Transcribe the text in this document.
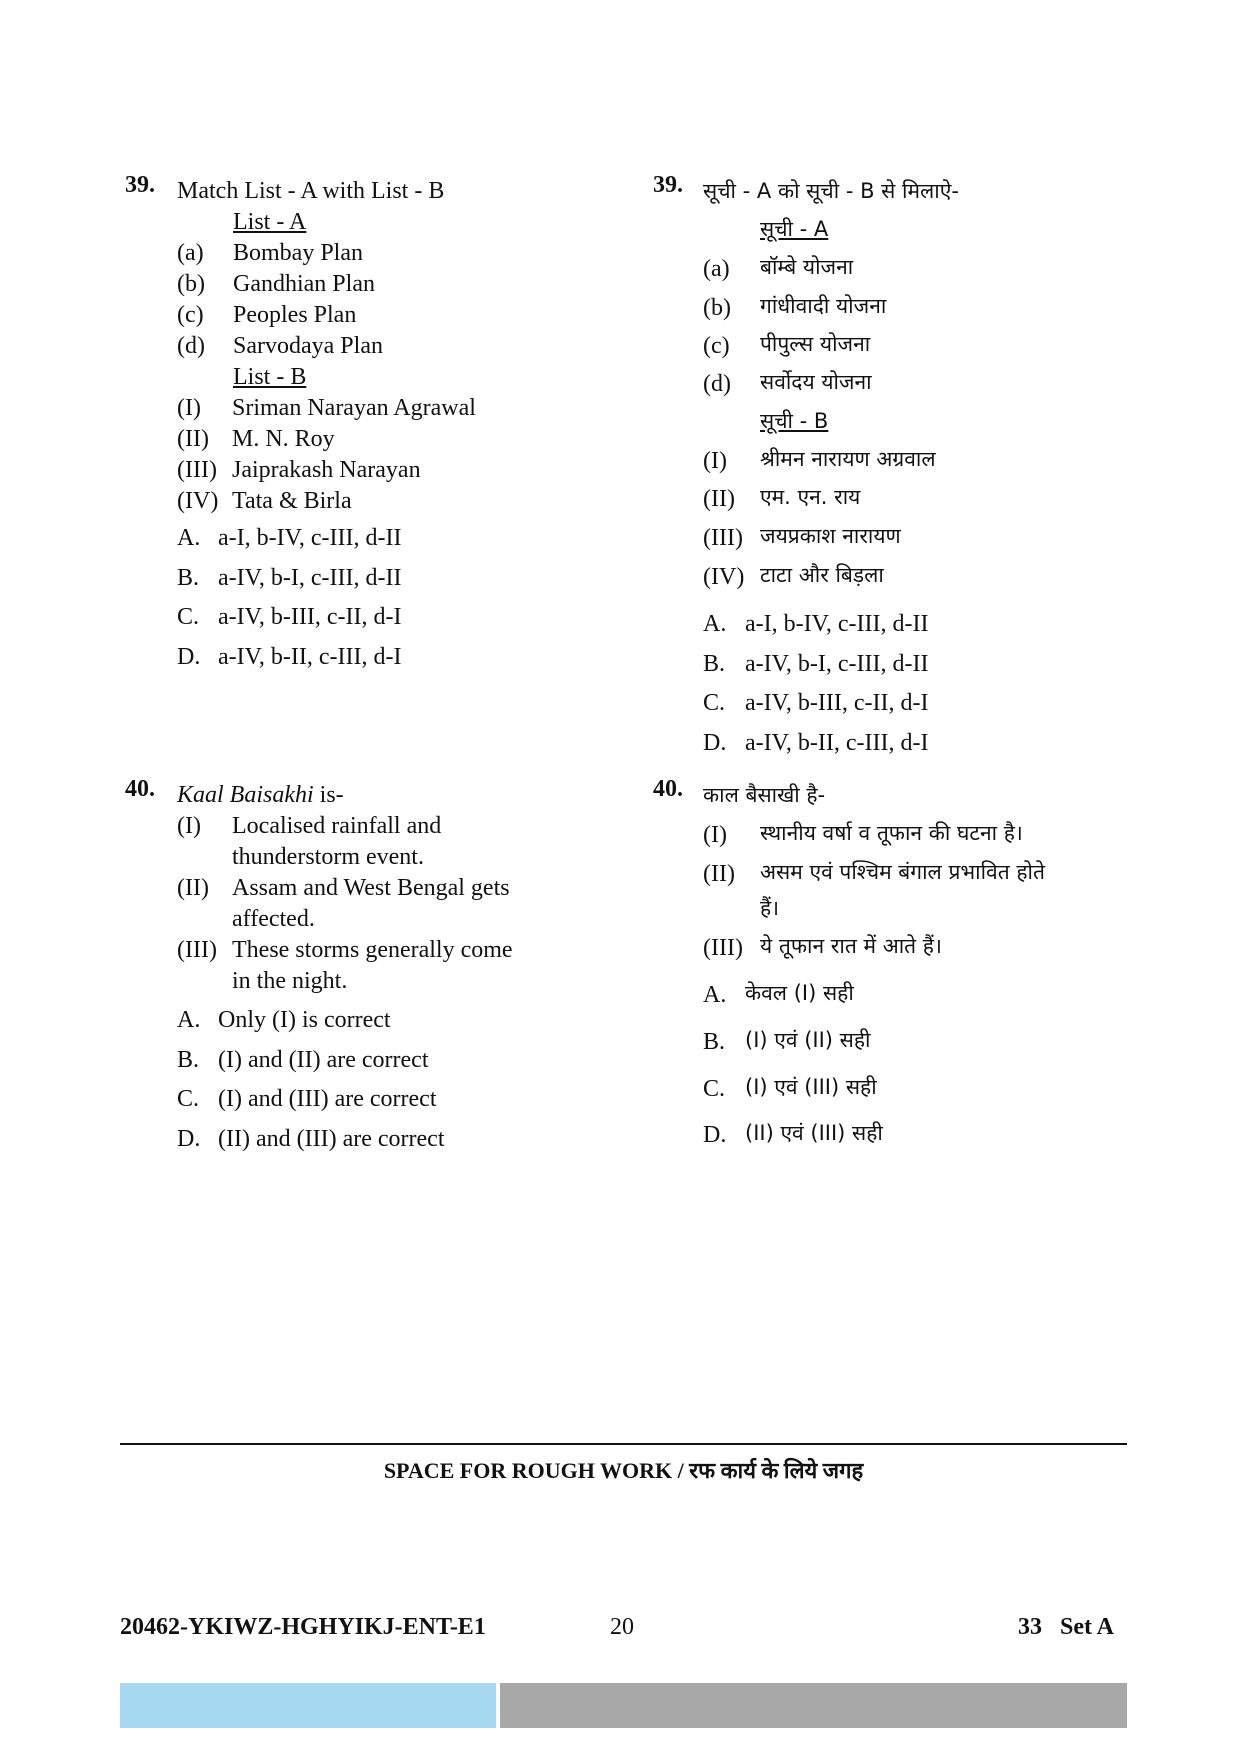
39. Match List - A with List - B
List - A
(a) Bombay Plan
(b) Gandhian Plan
(c) Peoples Plan
(d) Sarvodaya Plan
List - B
(I) Sriman Narayan Agrawal
(II) M. N. Roy
(III) Jaiprakash Narayan
(IV) Tata & Birla
A. a-I, b-IV, c-III, d-II
B. a-IV, b-I, c-III, d-II
C. a-IV, b-III, c-II, d-I
D. a-IV, b-II, c-III, d-I
39. सूची - A को सूची - B से मिलाऐ-
सूची - A
(a) बॉम्बे योजना
(b) गांधीवादी योजना
(c) पीपुल्स योजना
(d) सर्वोदय योजना
सूची - B
(I) श्रीमन नारायण अग्रवाल
(II) एम. एन. राय
(III) जयप्रकाश नारायण
(IV) टाटा और बिड़ला
A. a-I, b-IV, c-III, d-II
B. a-IV, b-I, c-III, d-II
C. a-IV, b-III, c-II, d-I
D. a-IV, b-II, c-III, d-I
40. Kaal Baisakhi is-
(I) Localised rainfall and
thunderstorm event.
(II) Assam and West Bengal gets
affected.
(III) These storms generally come
in the night.
A. Only (I) is correct
B. (I) and (II) are correct
C. (I) and (III) are correct
D. (II) and (III) are correct
40. काल बैसाखी है-
(I) स्थानीय वर्षा व तूफान की घटना है।
(II) असम एवं पश्चिम बंगाल प्रभावित होते
हैं।
(III) ये तूफान रात में आते हैं।
A. केवल (I) सही
B. (I) एवं (II) सही
C. (I) एवं (III) सही
D. (II) एवं (III) सही
SPACE FOR ROUGH WORK / रफ कार्य के लिये जगह
20462-YKIWZ-HGHYIKJ-ENT-E1	20	33   Set A
